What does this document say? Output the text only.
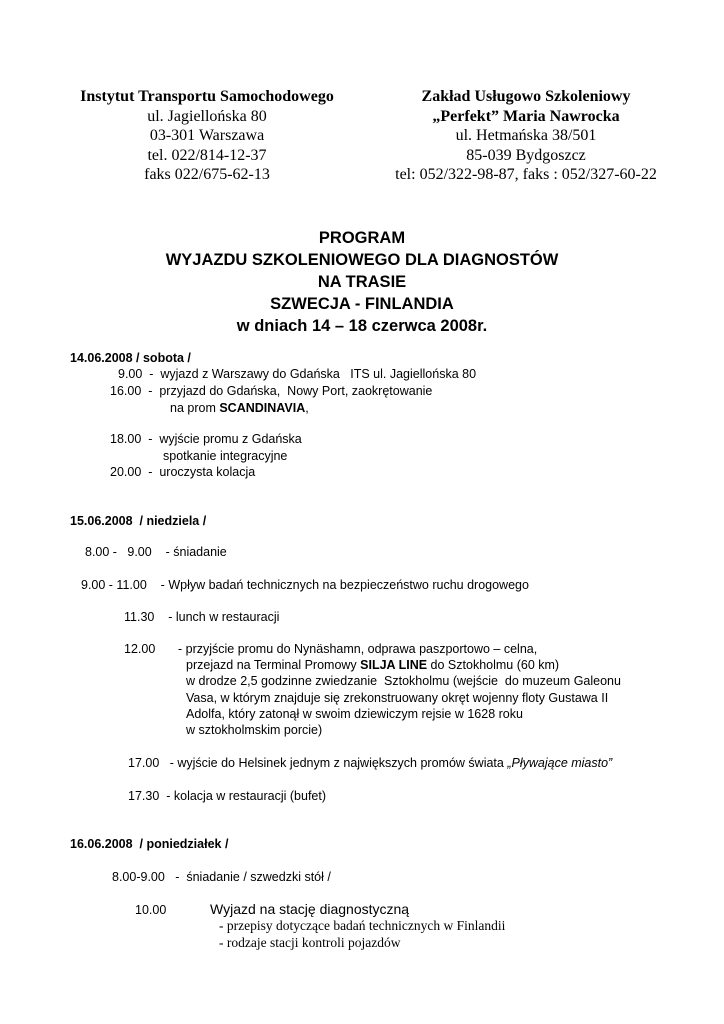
Instytut Transportu Samochodowego
ul. Jagiellońska 80
03-301 Warszawa
tel. 022/814-12-37
faks 022/675-62-13
Zakład Usługowo Szkoleniowy
„Perfekt” Maria Nawrocka
ul. Hetmańska 38/501
85-039 Bydgoszcz
tel: 052/322-98-87, faks : 052/327-60-22
PROGRAM
WYJAZDU SZKOLENIOWEGO DLA DIAGNOSTÓW
NA TRASIE
SZWECJA - FINLANDIA
w dniach 14 – 18 czerwca 2008r.
14.06.2008 / sobota /
9.00  -  wyjazd z Warszawy do Gdańska   ITS ul. Jagiellońska 80
16.00  -  przyjazd do Gdańska,  Nowy Port, zaokrętowanie
na prom SCANDINAVIA,
18.00  -  wyjście promu z Gdańska
spotkanie integracyjne
20.00  -  uroczysta kolacja
15.06.2008  / niedziela /
8.00 -   9.00    - śniadanie
9.00 - 11.00    - Wpływ badań technicznych na bezpieczeństwo ruchu drogowego
11.30    - lunch w restauracji
12.00 - przyjście promu do Nynäshamn, odprawa paszportowo – celna,
przejazd na Terminal Promowy SILJA LINE do Sztokholmu (60 km)
w drodze 2,5 godzinne zwiedzanie  Sztokholmu (wejście  do muzeum Galeonu
Vasa, w którym znajduje się zrekonstruowany okręt wojenny floty Gustawa II
Adolfa, który zatonął w swoim dziewiczym rejsie w 1628 roku
w sztokholmskim porcie)
17.00   - wyjście do Helsinek jednym z największych promów świata „Pływające miasto”
17.30  - kolacja w restauracji (bufet)
16.06.2008  / poniedziałek /
8.00-9.00   -  śniadanie / szwedzki stół /
10.00	Wyjazd na stację diagnostyczną
- przepisy dotyczące badań technicznych w Finlandii
- rodzaje stacji kontroli pojazdów
